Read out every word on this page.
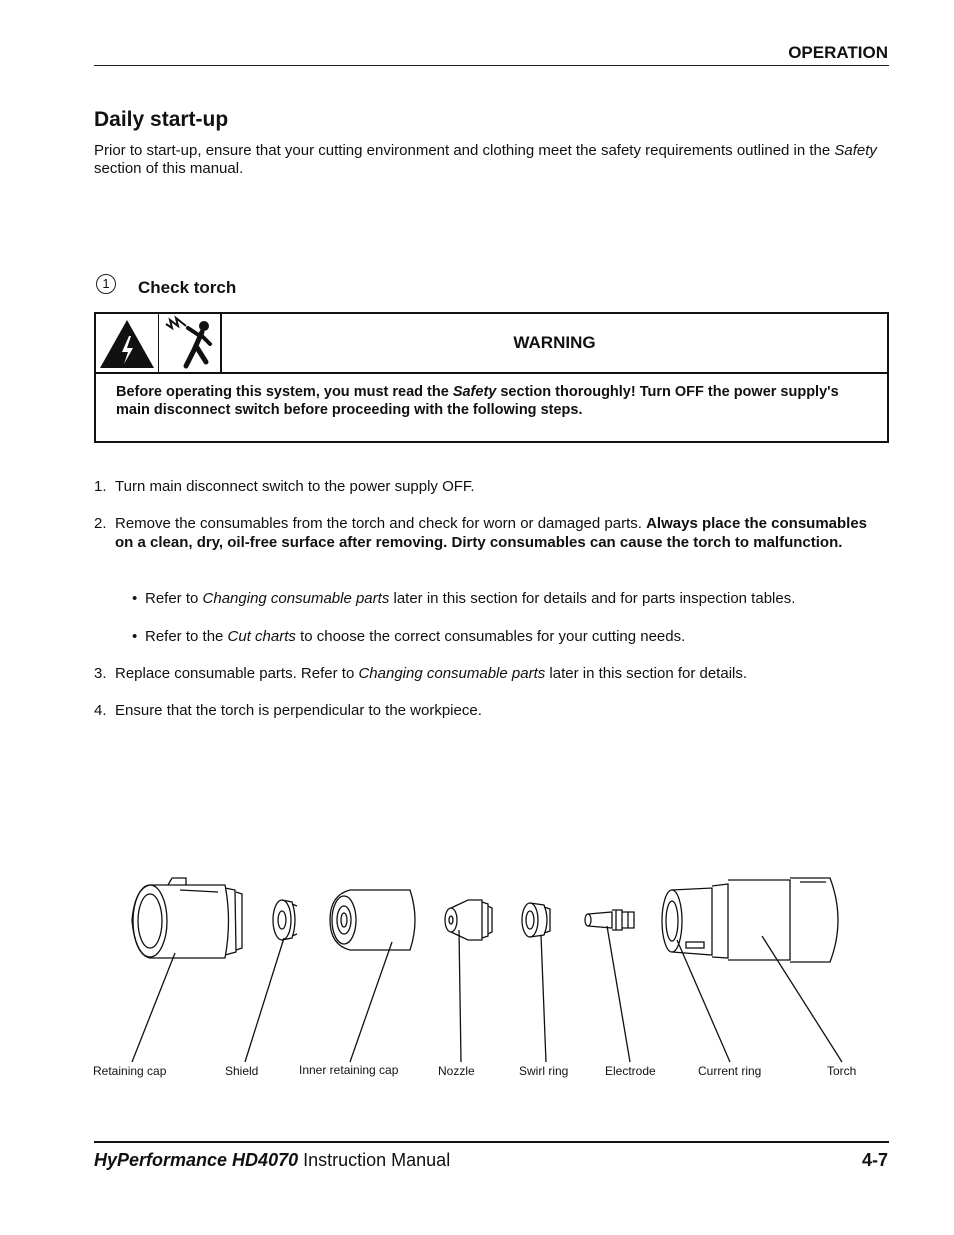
OPERATION
Daily start-up
Prior to start-up, ensure that your cutting environment and clothing meet the safety requirements outlined in the Safety section of this manual.
1	Check torch
WARNING
Before operating this system, you must read the Safety section thoroughly! Turn OFF the power supply's main disconnect switch before proceeding with the following steps.
1. Turn main disconnect switch to the power supply OFF.
2. Remove the consumables from the torch and check for worn or damaged parts. Always place the consumables on a clean, dry, oil-free surface after removing. Dirty consumables can cause the torch to malfunction.
• Refer to Changing consumable parts later in this section for details and for parts inspection tables.
• Refer to the Cut charts to choose the correct consumables for your cutting needs.
3. Replace consumable parts. Refer to Changing consumable parts later in this section for details.
4. Ensure that the torch is perpendicular to the workpiece.
Retaining cap	Shield	Inner retaining cap	Nozzle	Swirl ring	Electrode	Current ring	Torch
HyPerformance HD4070 Instruction Manual	4-7
